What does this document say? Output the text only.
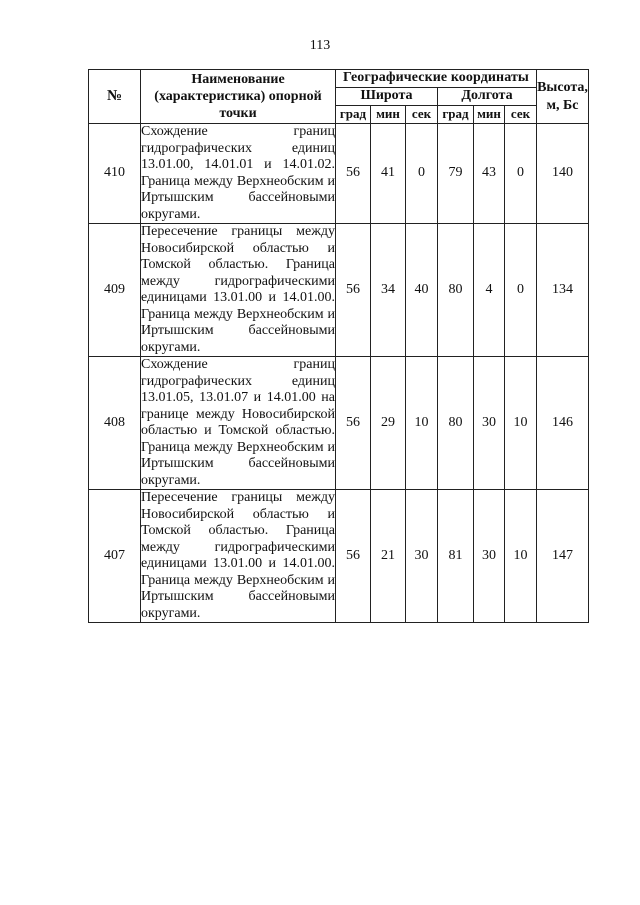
113
№	Наименование (характеристика) опорной точки	Географические координаты						Высота, м, Бс
		Широта			Долгота			
		град	мин	сек	град	мин	сек	
410	Схождение границ гидрографических единиц 13.01.00, 14.01.01 и 14.01.02. Граница между Верхнеобским и Иртышским бассейновыми округами.	56	41	0	79	43	0	140
409	Пересечение границы между Новосибирской областью и Томской областью. Граница между гидрографическими единицами 13.01.00 и 14.01.00. Граница между Верхнеобским и Иртышским бассейновыми округами.	56	34	40	80	4	0	134
408	Схождение границ гидрографических единиц 13.01.05, 13.01.07 и 14.01.00 на границе между Новосибирской областью и Томской областью. Граница между Верхнеобским и Иртышским бассейновыми округами.	56	29	10	80	30	10	146
407	Пересечение границы между Новосибирской областью и Томской областью. Граница между гидрографическими единицами 13.01.00 и 14.01.00. Граница между Верхнеобским и Иртышским бассейновыми округами.	56	21	30	81	30	10	147
